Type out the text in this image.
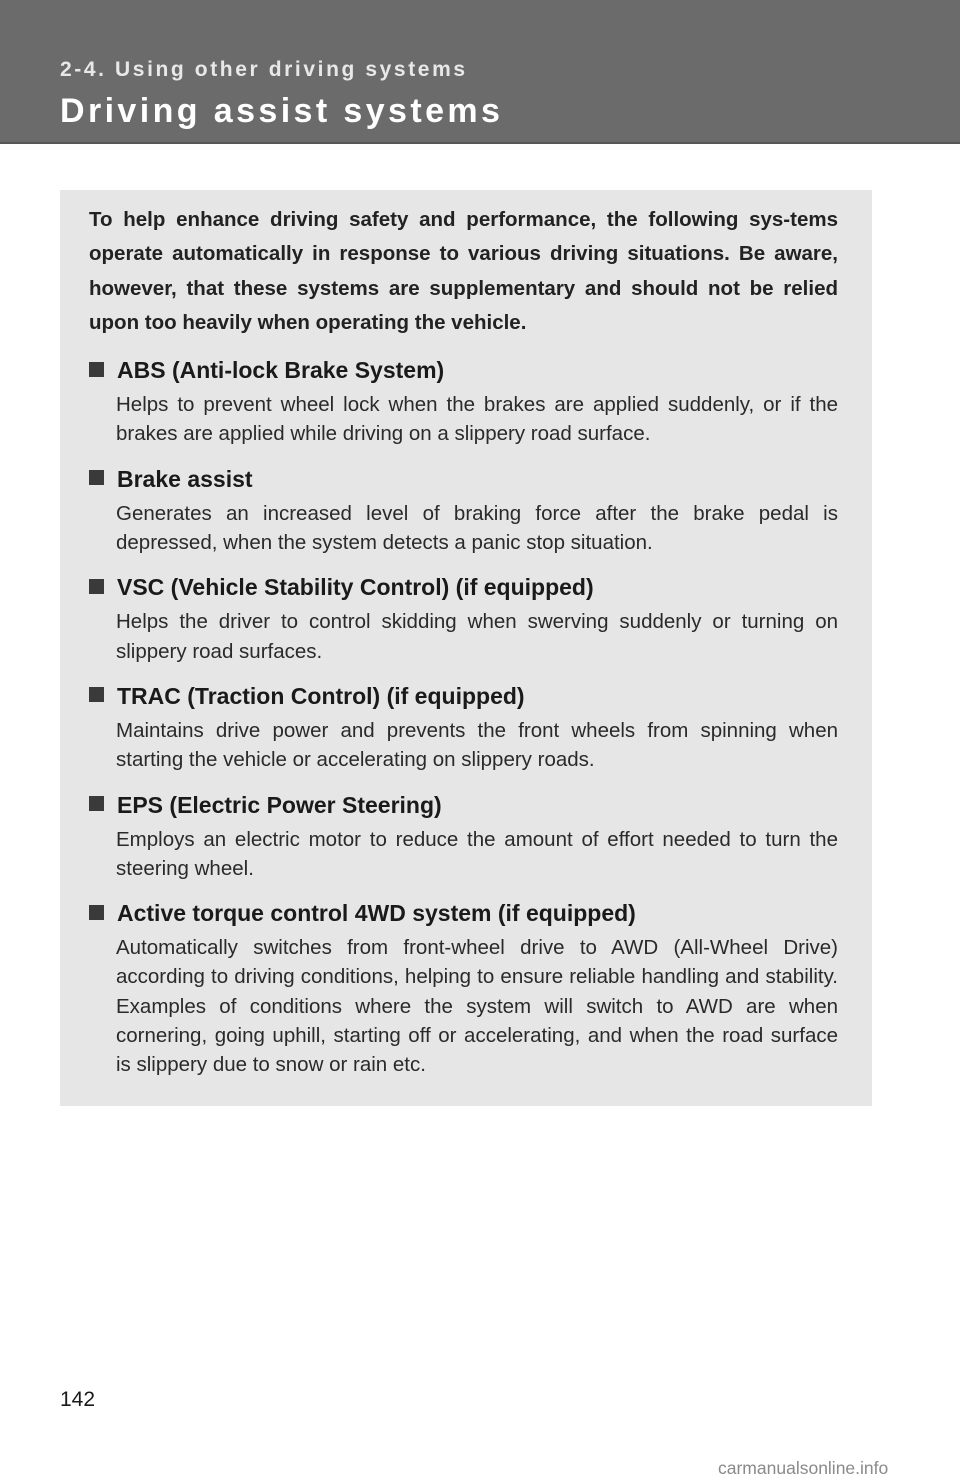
2-4. Using other driving systems
Driving assist systems

To help enhance driving safety and performance, the following sys-tems operate automatically in response to various driving situations. Be aware, however, that these systems are supplementary and should not be relied upon too heavily when operating the vehicle.

ABS (Anti-lock Brake System)
Helps to prevent wheel lock when the brakes are applied suddenly, or if the brakes are applied while driving on a slippery road surface.
Brake assist
Generates an increased level of braking force after the brake pedal is depressed, when the system detects a panic stop situation.
VSC (Vehicle Stability Control) (if equipped)
Helps the driver to control skidding when swerving suddenly or turning on slippery road surfaces.
TRAC (Traction Control) (if equipped)
Maintains drive power and prevents the front wheels from spinning when starting the vehicle or accelerating on slippery roads.
EPS (Electric Power Steering)
Employs an electric motor to reduce the amount of effort needed to turn the steering wheel.
Active torque control 4WD system (if equipped)
Automatically switches from front-wheel drive to AWD (All-Wheel Drive) according to driving conditions, helping to ensure reliable handling and stability. Examples of conditions where the system will switch to AWD are when cornering, going uphill, starting off or accelerating, and when the road surface is slippery due to snow or rain etc.
142
carmanualsonline.info
